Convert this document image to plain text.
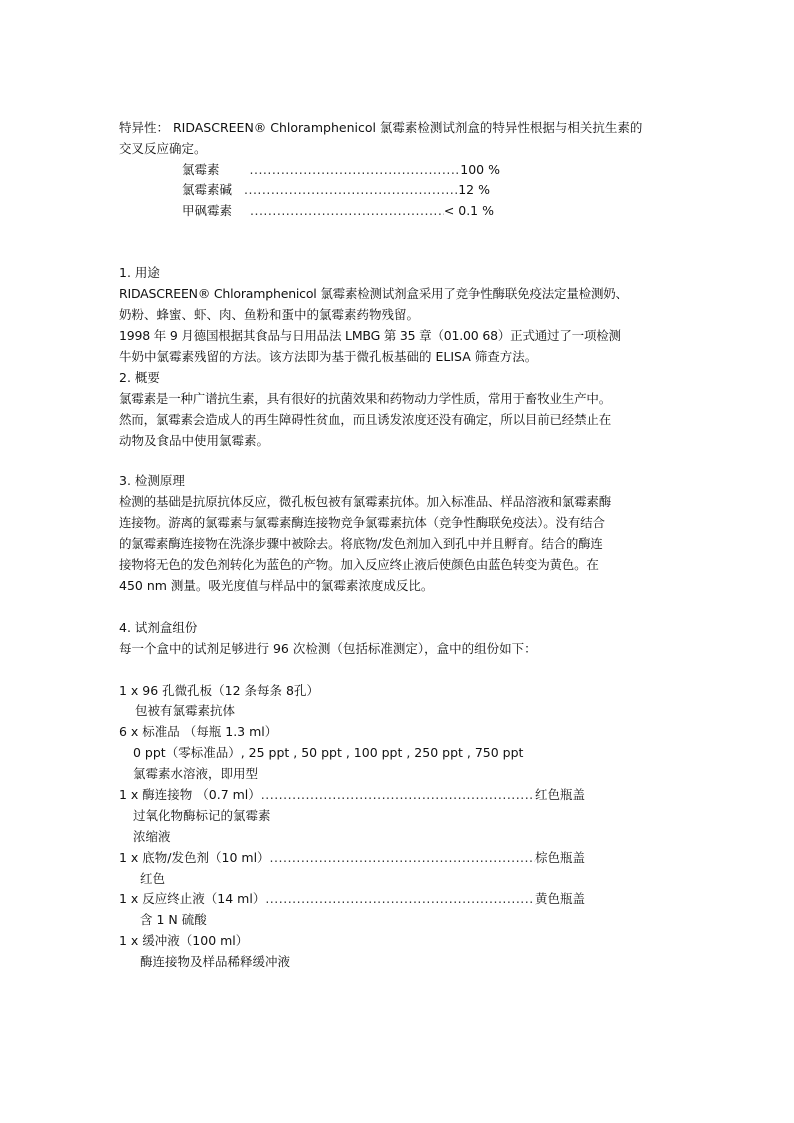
特异性： RIDASCREEN® Chloramphenicol 氯霉素检测试剂盒的特异性根据与相关抗生素的
交叉反应确定。
氯霉素 .....	100 %
氯霉素碱 .....	12 %
甲砜霉素 .....	< 0.1 %
1. 用途
RIDASCREEN® Chloramphenicol 氯霉素检测试剂盒采用了竞争性酶联免疫法定量检测奶、
奶粉、蜂蜜、虾、肉、鱼粉和蛋中的氯霉素药物残留。
1998 年 9 月德国根据其食品与日用品法 LMBG 第 35 章（01.00 68）正式通过了一项检测
牛奶中氯霉素残留的方法。该方法即为基于微孔板基础的 ELISA 筛查方法。
2. 概要
氯霉素是一种广谱抗生素，具有很好的抗菌效果和药物动力学性质，常用于畜牧业生产中。
然而，氯霉素会造成人的再生障碍性贫血，而且诱发浓度还没有确定，所以目前已经禁止在
动物及食品中使用氯霉素。
3. 检测原理
检测的基础是抗原抗体反应，微孔板包被有氯霉素抗体。加入标准品、样品溶液和氯霉素酶
连接物。游离的氯霉素与氯霉素酶连接物竞争氯霉素抗体（竞争性酶联免疫法）。没有结合
的氯霉素酶连接物在洗涤步骤中被除去。将底物/发色剂加入到孔中并且孵育。结合的酶连
接物将无色的发色剂转化为蓝色的产物。加入反应终止液后使颜色由蓝色转变为黄色。在
450 nm 测量。吸光度值与样品中的氯霉素浓度成反比。
4. 试剂盒组份
每一个盒中的试剂足够进行 96 次检测（包括标准测定），盒中的组份如下：
1 x 96 孔微孔板（12 条每条 8孔）
包被有氯霉素抗体
6 x 标准品 （每瓶 1.3 ml）
0 ppt（零标准品）, 25 ppt , 50 ppt , 100 ppt , 250 ppt , 750 ppt
氯霉素水溶液，即用型
1 x 酶连接物 （0.7 ml） .....	红色瓶盖
过氧化物酶标记的氯霉素
浓缩液
1 x 底物/发色剂（10 ml） .....	棕色瓶盖
红色
1 x 反应终止液（14 ml） .....	黄色瓶盖
含 1 N 硫酸
1 x 缓冲液（100 ml）
酶连接物及样品稀释缓冲液
